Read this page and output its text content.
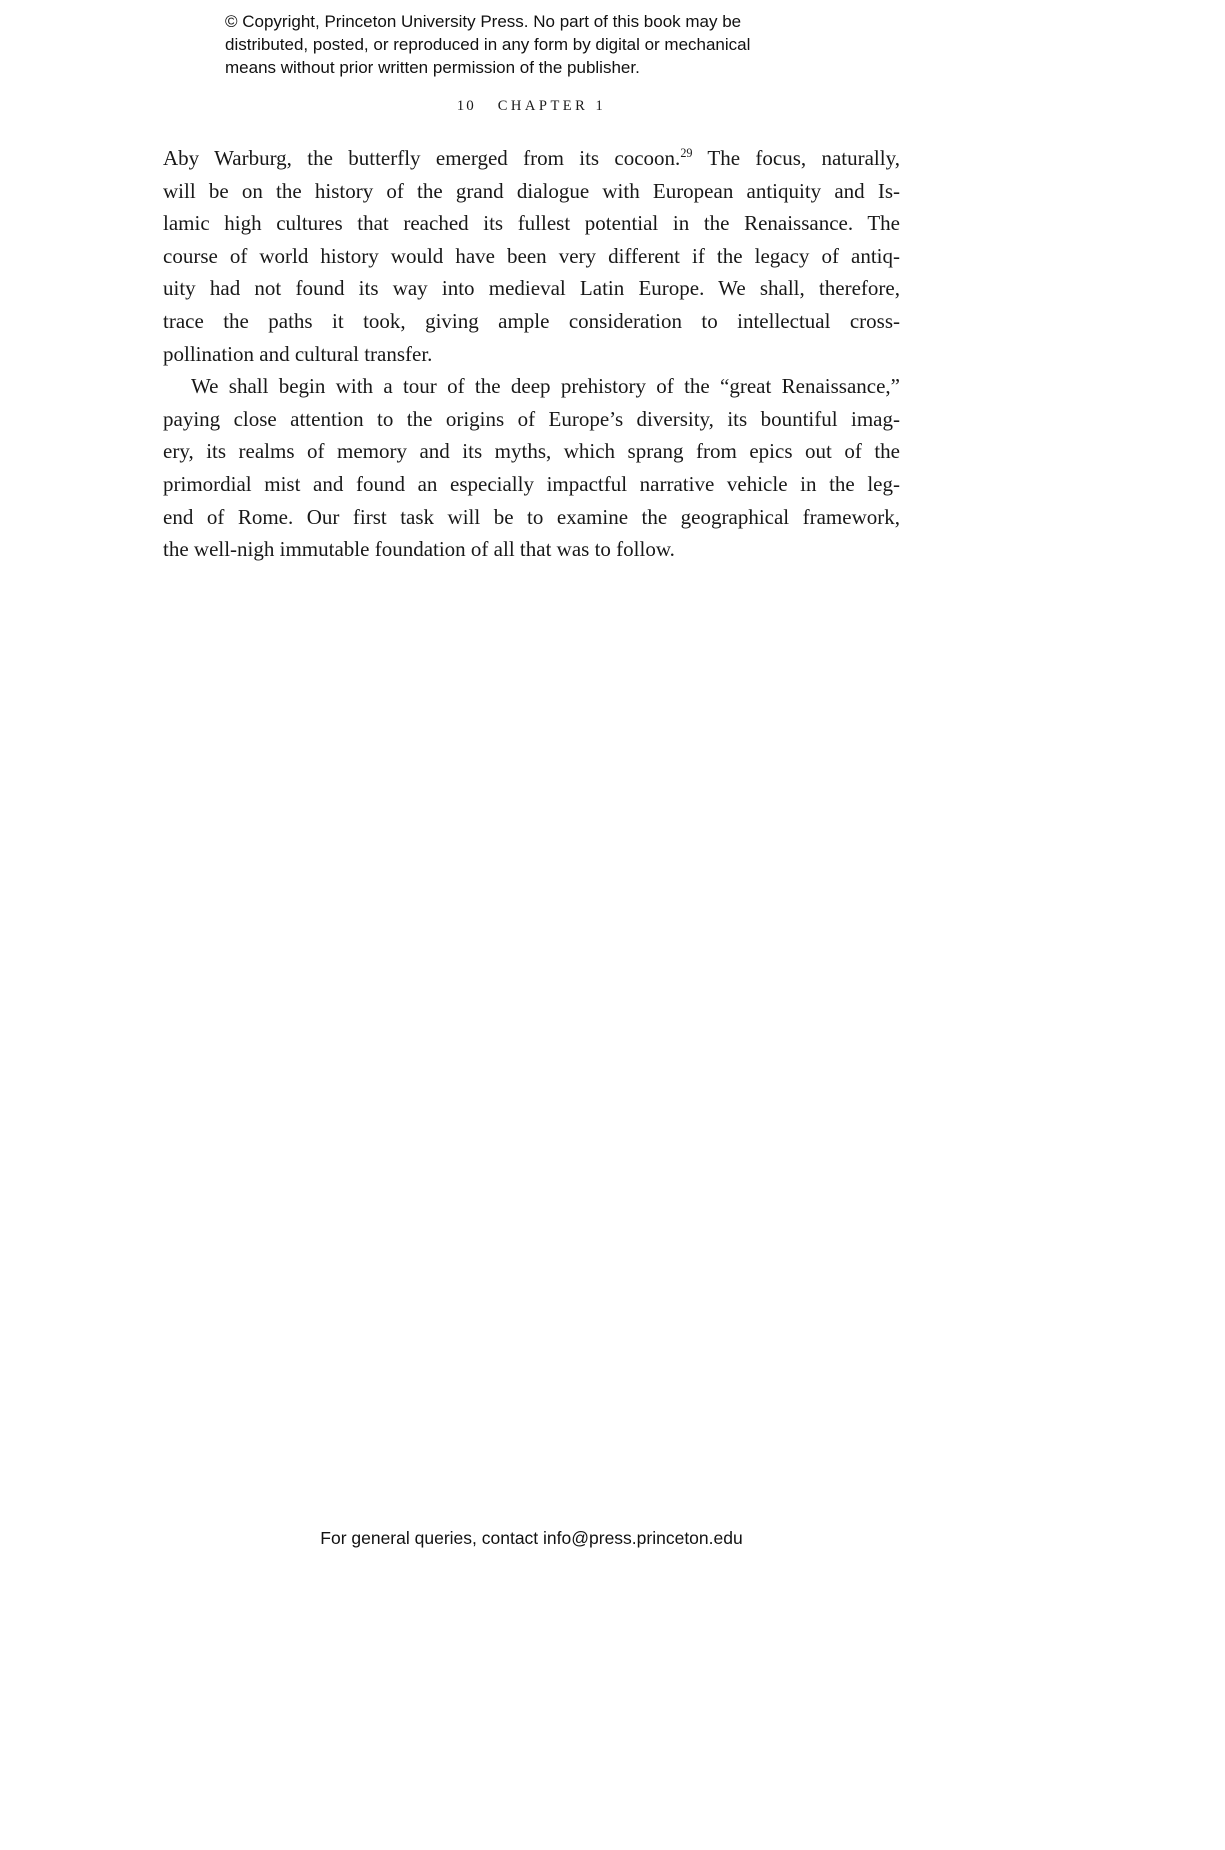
© Copyright, Princeton University Press. No part of this book may be
distributed, posted, or reproduced in any form by digital or mechanical
means without prior written permission of the publisher.
10 CHAPTER 1
Aby Warburg, the butterfly emerged from its cocoon.$^{29}$ The focus, naturally,
will be on the history of the grand dialogue with European antiquity and Is-
lamic high cultures that reached its fullest potential in the Renaissance. The
course of world history would have been very different if the legacy of antiq-
uity had not found its way into medieval Latin Europe. We shall, therefore,
trace the paths it took, giving ample consideration to intellectual cross-
pollination and cultural transfer.
We shall begin with a tour of the deep prehistory of the “great Renaissance,”
paying close attention to the origins of Europe’s diversity, its bountiful imag-
ery, its realms of memory and its myths, which sprang from epics out of the
primordial mist and found an especially impactful narrative vehicle in the leg-
end of Rome. Our first task will be to examine the geographical framework,
the well-nigh immutable foundation of all that was to follow.
For general queries, contact info@press.princeton.edu
